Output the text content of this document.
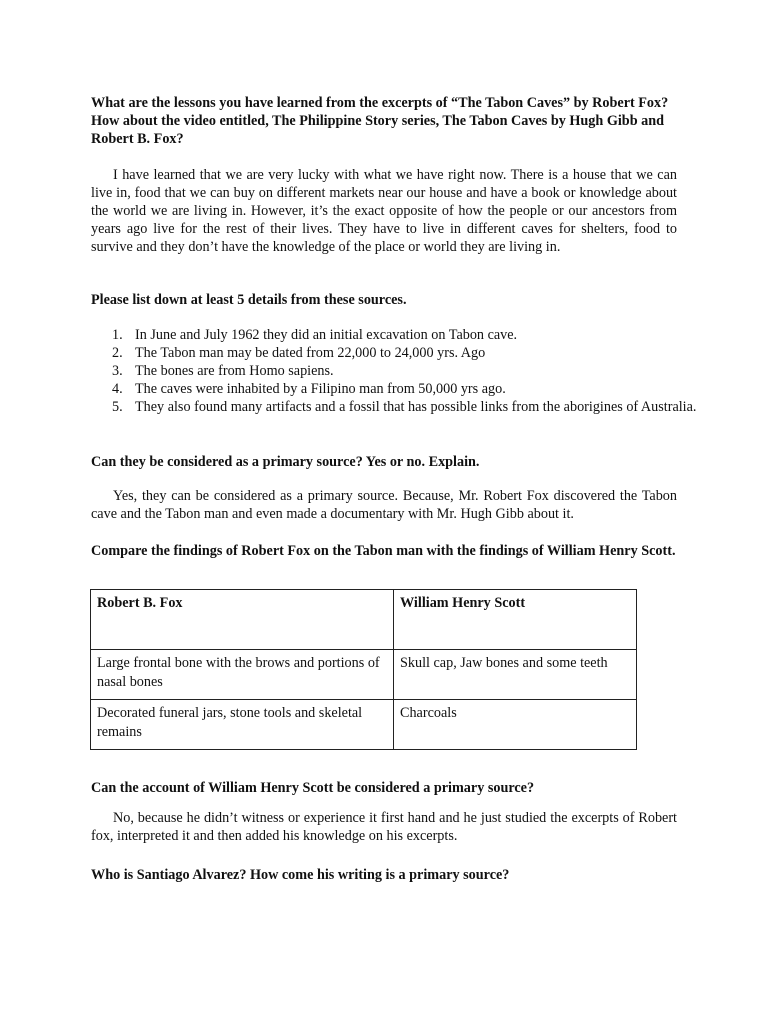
What are the lessons you have learned from the excerpts of “The Tabon Caves” by Robert Fox? How about the video entitled, The Philippine Story series, The Tabon Caves by Hugh Gibb and Robert B. Fox?

I have learned that we are very lucky with what we have right now. There is a house that we can live in, food that we can buy on different markets near our house and have a book or knowledge about the world we are living in. However, it’s the exact opposite of how the people or our ancestors from years ago live for the rest of their lives. They have to live in different caves for shelters, food to survive and they don’t have the knowledge of the place or world they are living in.

Please list down at least 5 details from these sources.

1. In June and July 1962 they did an initial excavation on Tabon cave.
2. The Tabon man may be dated from 22,000 to 24,000 yrs. Ago
3. The bones are from Homo sapiens.
4. The caves were inhabited by a Filipino man from 50,000 yrs ago.
5. They also found many artifacts and a fossil that has possible links from the aborigines of Australia.

Can they be considered as a primary source? Yes or no. Explain.

Yes, they can be considered as a primary source. Because, Mr. Robert Fox discovered the Tabon cave and the Tabon man and even made a documentary with Mr. Hugh Gibb about it.

Compare the findings of Robert Fox on the Tabon man with the findings of William Henry Scott.

Robert B. Fox	William Henry Scott
Large frontal bone with the brows and portions of nasal bones	Skull cap, Jaw bones and some teeth
Decorated funeral jars, stone tools and skeletal remains	Charcoals

Can the account of William Henry Scott be considered a primary source?

No, because he didn’t witness or experience it first hand and he just studied the excerpts of Robert fox, interpreted it and then added his knowledge on his excerpts.

Who is Santiago Alvarez? How come his writing is a primary source?
